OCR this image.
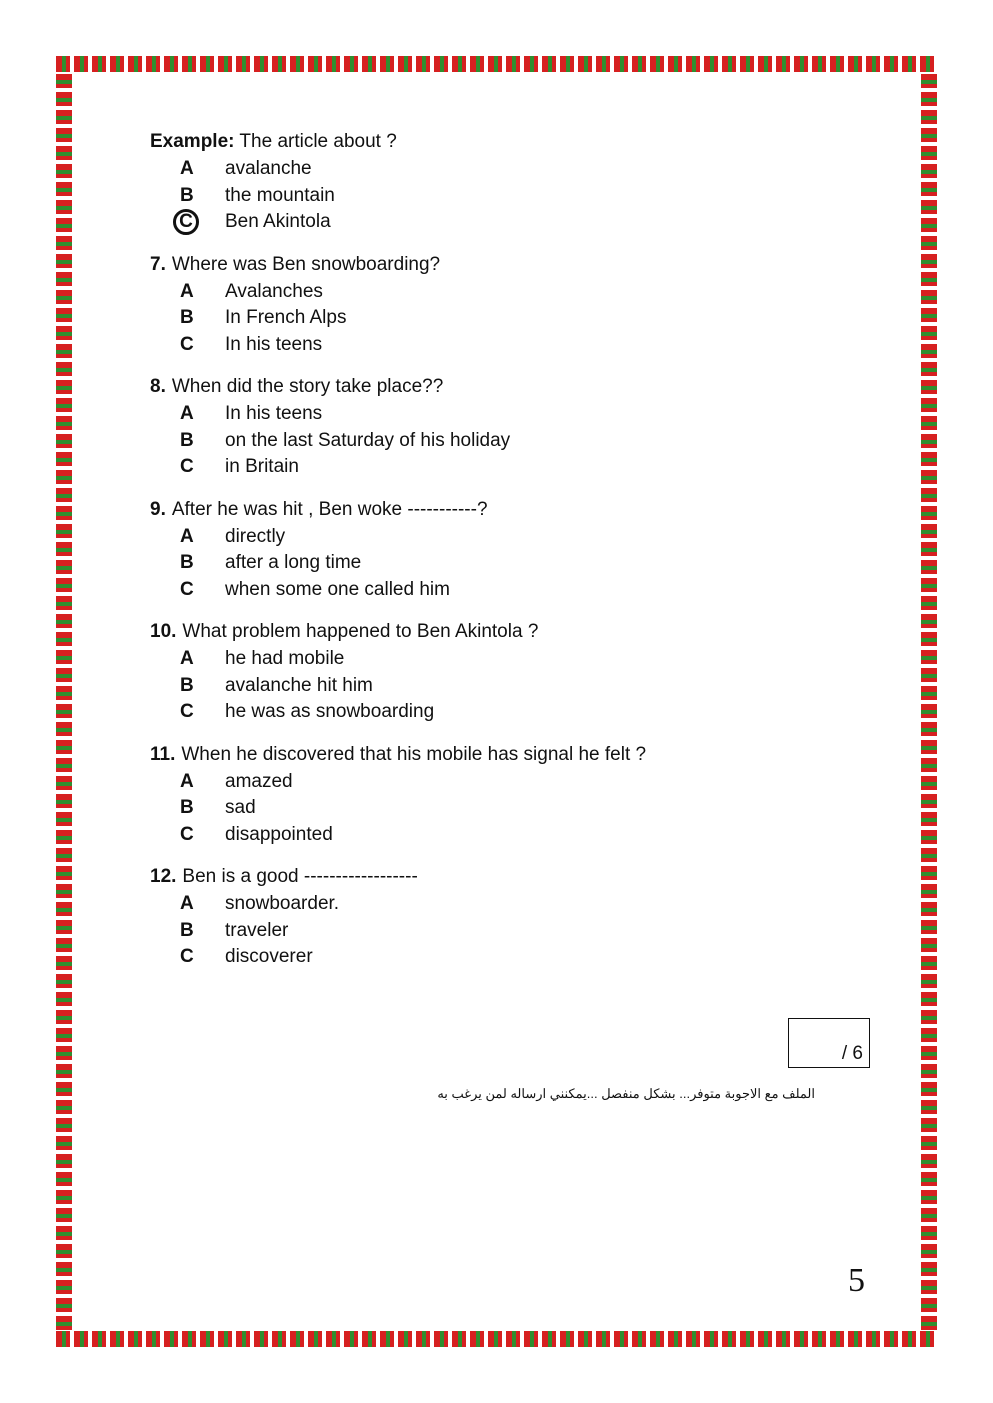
Example: The article about ?
A avalanche
B the mountain
C Ben Akintola
7. Where was Ben snowboarding?
A Avalanches
B In French Alps
C In his teens
8. When did the story take place??
A In his teens
B on the last Saturday of his holiday
C in Britain
9. After he was hit , Ben woke -----------?
A directly
B after a long time
C when some one called him
10. What problem happened to Ben Akintola ?
A he had mobile
B avalanche hit him
C he was as snowboarding
11. When he discovered that his mobile has signal he felt ?
A amazed
B sad
C disappointed
12. Ben is a good ------------------
A snowboarder.
B traveler
C discoverer
/ 6
الملف مع الاجوبة متوفر... بشكل منفصل ...يمكنني ارساله لمن يرغب به
5
